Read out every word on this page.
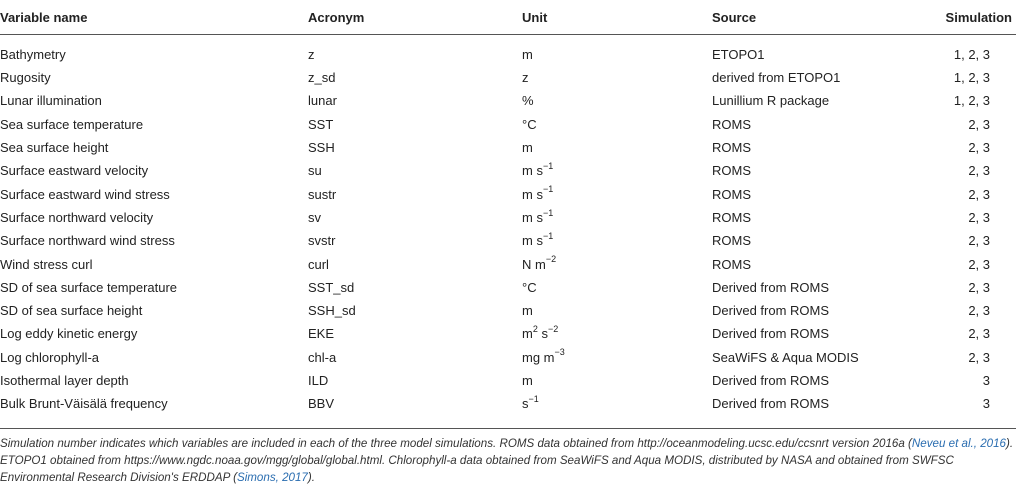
Variable name	Acronym	Unit	Source	Simulation
Bathymetry	z	m	ETOPO1	1, 2, 3
Rugosity	z_sd	z	derived from ETOPO1	1, 2, 3
Lunar illumination	lunar	%	Lunillium R package	1, 2, 3
Sea surface temperature	SST	°C	ROMS	2, 3
Sea surface height	SSH	m	ROMS	2, 3
Surface eastward velocity	su	m $s^{-1}$	ROMS	2, 3
Surface eastward wind stress	sustr	m $s^{-1}$	ROMS	2, 3
Surface northward velocity	sv	m $s^{-1}$	ROMS	2, 3
Surface northward wind stress	svstr	m $s^{-1}$	ROMS	2, 3
Wind stress curl	curl	N $m^{-2}$	ROMS	2, 3
SD of sea surface temperature	SST_sd	°C	Derived from ROMS	2, 3
SD of sea surface height	SSH_sd	m	Derived from ROMS	2, 3
Log eddy kinetic energy	EKE	$m^2$ $s^{-2}$	Derived from ROMS	2, 3
Log chlorophyll-a	chl-a	mg $m^{-3}$	SeaWiFS & Aqua MODIS	2, 3
Isothermal layer depth	ILD	m	Derived from ROMS	3
Bulk Brunt-Väisälä frequency	BBV	$s^{-1}$	Derived from ROMS	3

Simulation number indicates which variables are included in each of the three model simulations. ROMS data obtained from http://oceanmodeling.ucsc.edu/ccsnrt version 2016a (Neveu et al., 2016). ETOPO1 obtained from https://www.ngdc.noaa.gov/mgg/global/global.html. Chlorophyll-a data obtained from SeaWiFS and Aqua MODIS, distributed by NASA and obtained from SWFSC Environmental Research Division's ERDDAP (Simons, 2017).
